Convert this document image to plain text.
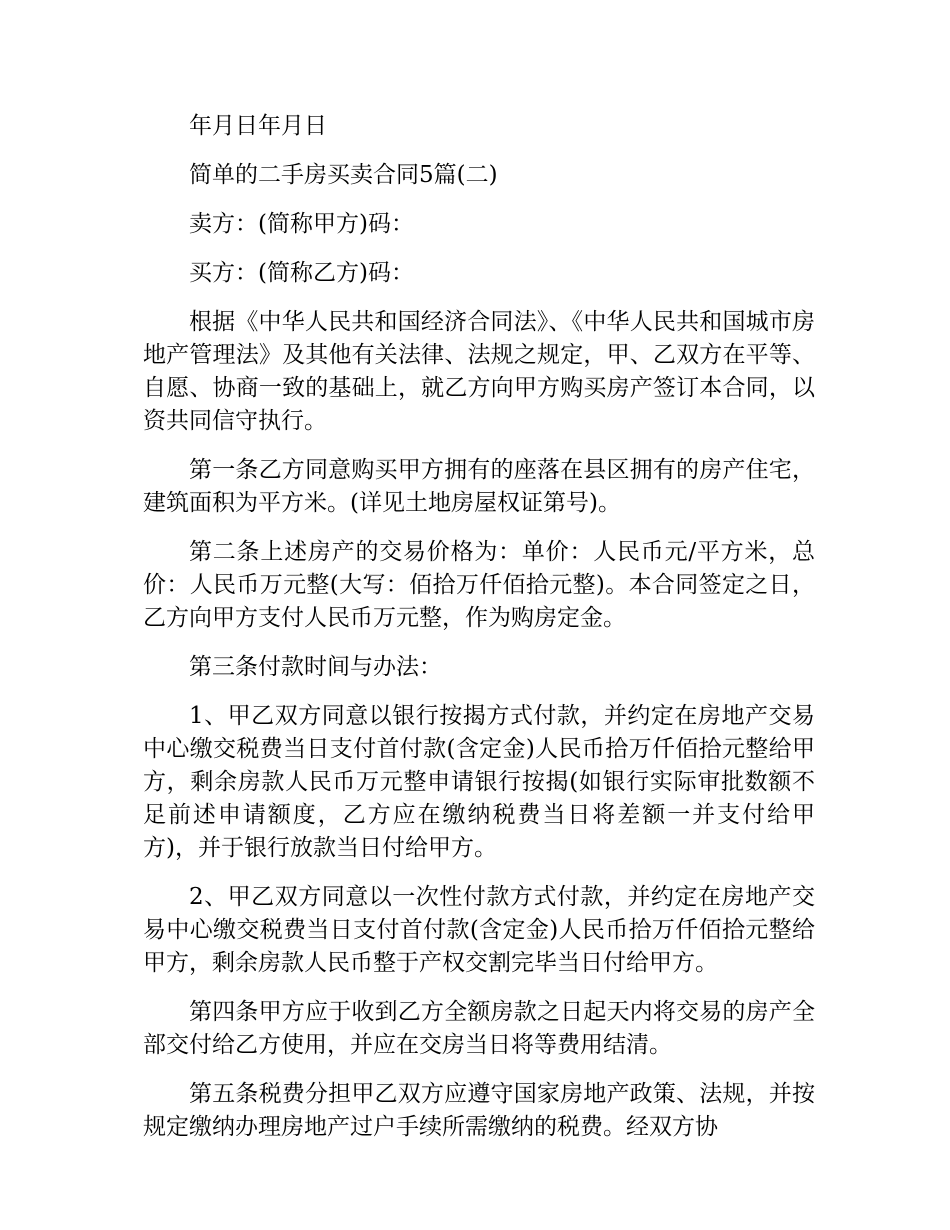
年月日年月日

简单的二手房买卖合同5篇(二)

卖方：(简称甲方)码：

买方：(简称乙方)码：

根据《中华人民共和国经济合同法》、《中华人民共和国城市房地产管理法》及其他有关法律、法规之规定，甲、乙双方在平等、自愿、协商一致的基础上，就乙方向甲方购买房产签订本合同，以资共同信守执行。

第一条乙方同意购买甲方拥有的座落在县区拥有的房产住宅，建筑面积为平方米。(详见土地房屋权证第号)。

第二条上述房产的交易价格为：单价：人民币元/平方米，总价：人民币万元整(大写：佰拾万仟佰拾元整)。本合同签定之日，乙方向甲方支付人民币万元整，作为购房定金。

第三条付款时间与办法：

1、甲乙双方同意以银行按揭方式付款，并约定在房地产交易中心缴交税费当日支付首付款(含定金)人民币拾万仟佰拾元整给甲方，剩余房款人民币万元整申请银行按揭(如银行实际审批数额不足前述申请额度，乙方应在缴纳税费当日将差额一并支付给甲方)，并于银行放款当日付给甲方。

2、甲乙双方同意以一次性付款方式付款，并约定在房地产交易中心缴交税费当日支付首付款(含定金)人民币拾万仟佰拾元整给甲方，剩余房款人民币整于产权交割完毕当日付给甲方。

第四条甲方应于收到乙方全额房款之日起天内将交易的房产全部交付给乙方使用，并应在交房当日将等费用结清。

第五条税费分担甲乙双方应遵守国家房地产政策、法规，并按规定缴纳办理房地产过户手续所需缴纳的税费。经双方协
